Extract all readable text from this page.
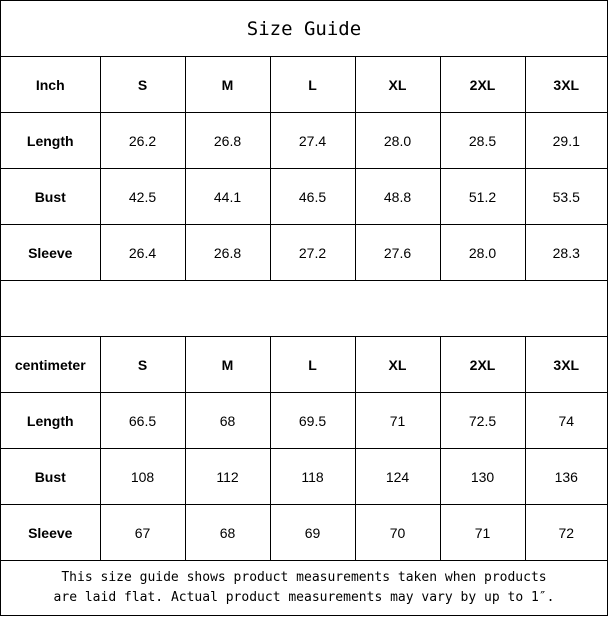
Size Guide
Inch	S	M	L	XL	2XL	3XL
Length	26.2	26.8	27.4	28.0	28.5	29.1
Bust	42.5	44.1	46.5	48.8	51.2	53.5
Sleeve	26.4	26.8	27.2	27.6	28.0	28.3
centimeter	S	M	L	XL	2XL	3XL
Length	66.5	68	69.5	71	72.5	74
Bust	108	112	118	124	130	136
Sleeve	67	68	69	70	71	72
This size guide shows product measurements taken when products
are laid flat. Actual product measurements may vary by up to 1″.
